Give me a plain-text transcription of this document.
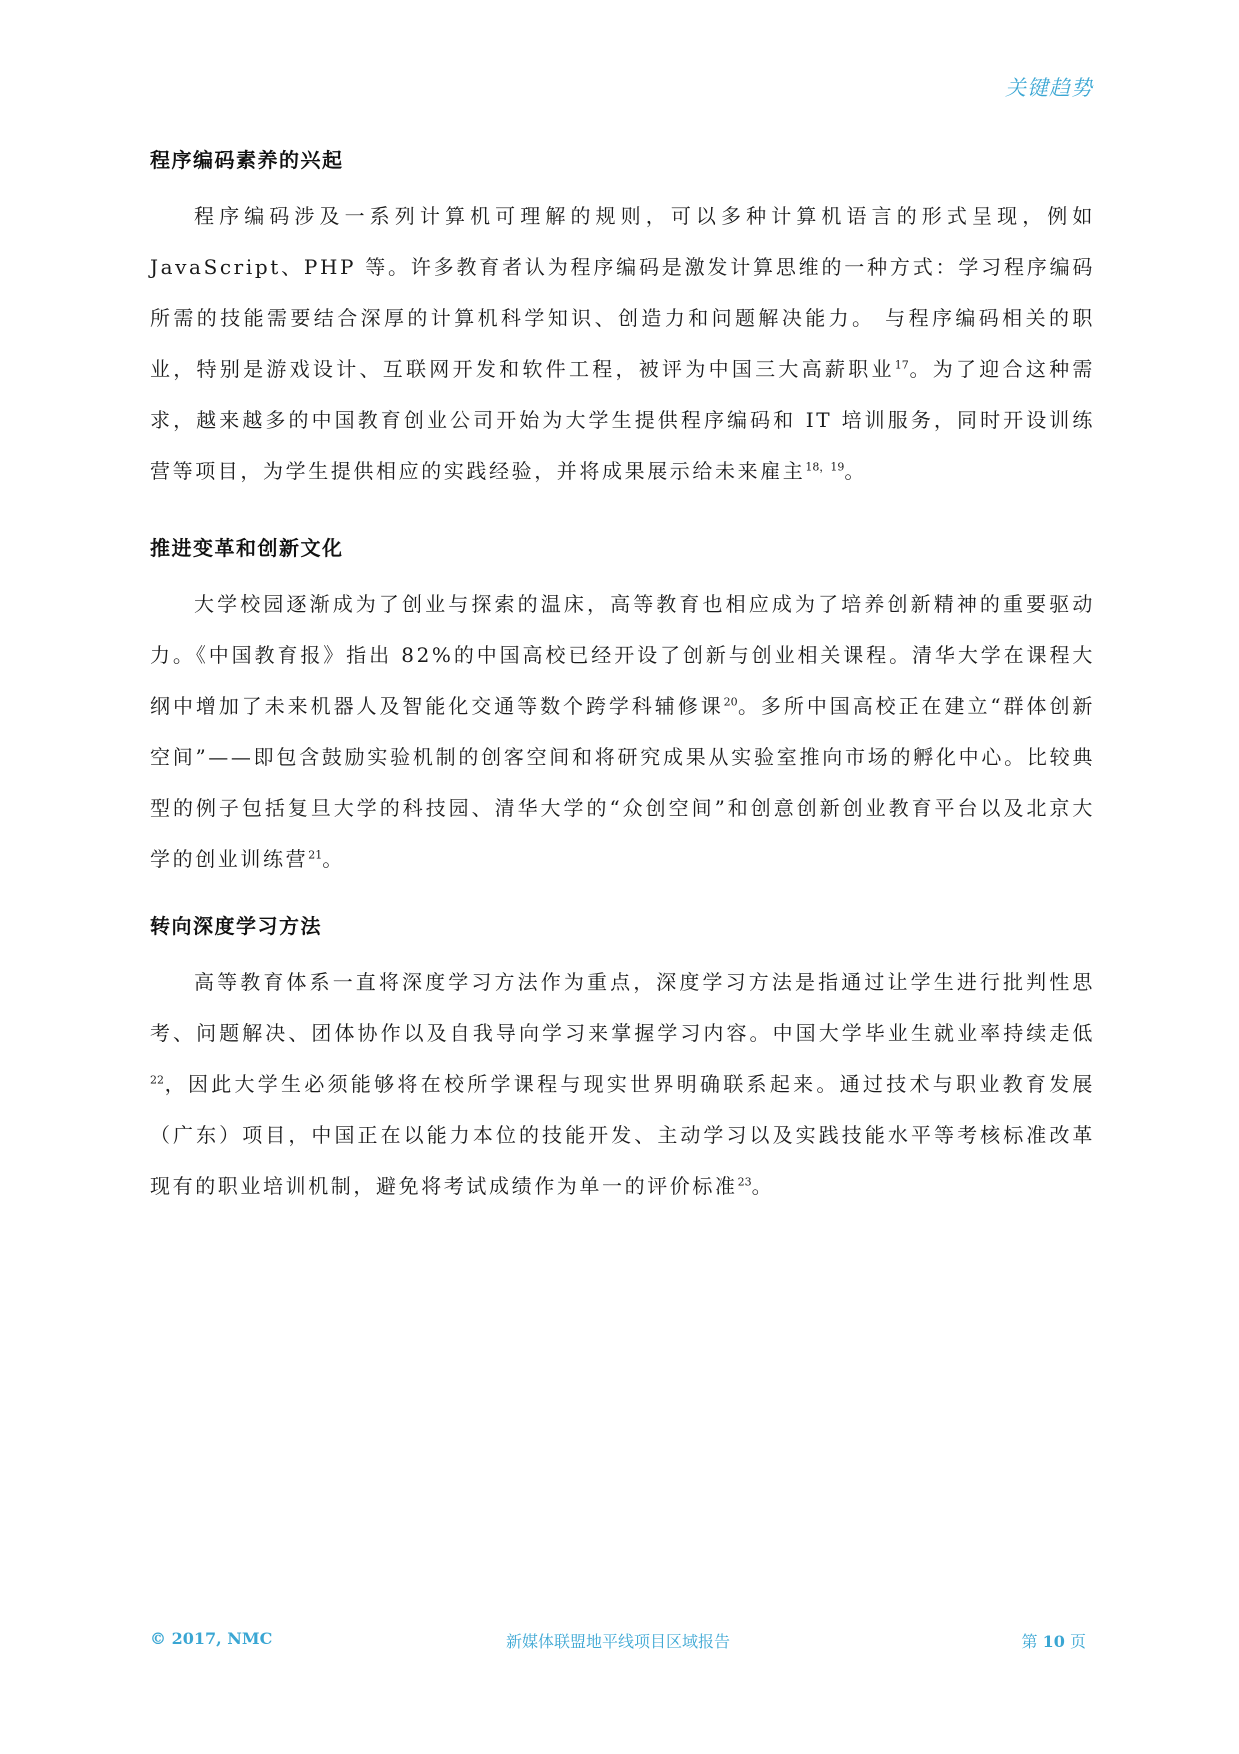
关键趋势
程序编码素养的兴起

程序编码涉及一系列计算机可理解的规则，可以多种计算机语言的形式呈现，例如 JavaScript、PHP 等。许多教育者认为程序编码是激发计算思维的一种方式：学习程序编码所需的技能需要结合深厚的计算机科学知识、创造力和问题解决能力。 与程序编码相关的职业，特别是游戏设计、互联网开发和软件工程，被评为中国三大高薪职业$^{17}$。为了迎合这种需求，越来越多的中国教育创业公司开始为大学生提供程序编码和 IT 培训服务，同时开设训练营等项目，为学生提供相应的实践经验，并将成果展示给未来雇主$^{18,19}$。

推进变革和创新文化

大学校园逐渐成为了创业与探索的温床，高等教育也相应成为了培养创新精神的重要驱动力。《中国教育报》指出 82%的中国高校已经开设了创新与创业相关课程。清华大学在课程大纲中增加了未来机器人及智能化交通等数个跨学科辅修课$^{20}$。多所中国高校正在建立“群体创新空间”——即包含鼓励实验机制的创客空间和将研究成果从实验室推向市场的孵化中心。比较典型的例子包括复旦大学的科技园、清华大学的“众创空间”和创意创新创业教育平台以及北京大学的创业训练营$^{21}$。

转向深度学习方法

高等教育体系一直将深度学习方法作为重点，深度学习方法是指通过让学生进行批判性思考、问题解决、团体协作以及自我导向学习来掌握学习内容。中国大学毕业生就业率持续走低$^{22}$，因此大学生必须能够将在校所学课程与现实世界明确联系起来。通过技术与职业教育发展（广东）项目，中国正在以能力本位的技能开发、主动学习以及实践技能水平等考核标准改革现有的职业培训机制，避免将考试成绩作为单一的评价标准$^{23}$。

© 2017, NMC	新媒体联盟地平线项目区域报告	第 10 页
